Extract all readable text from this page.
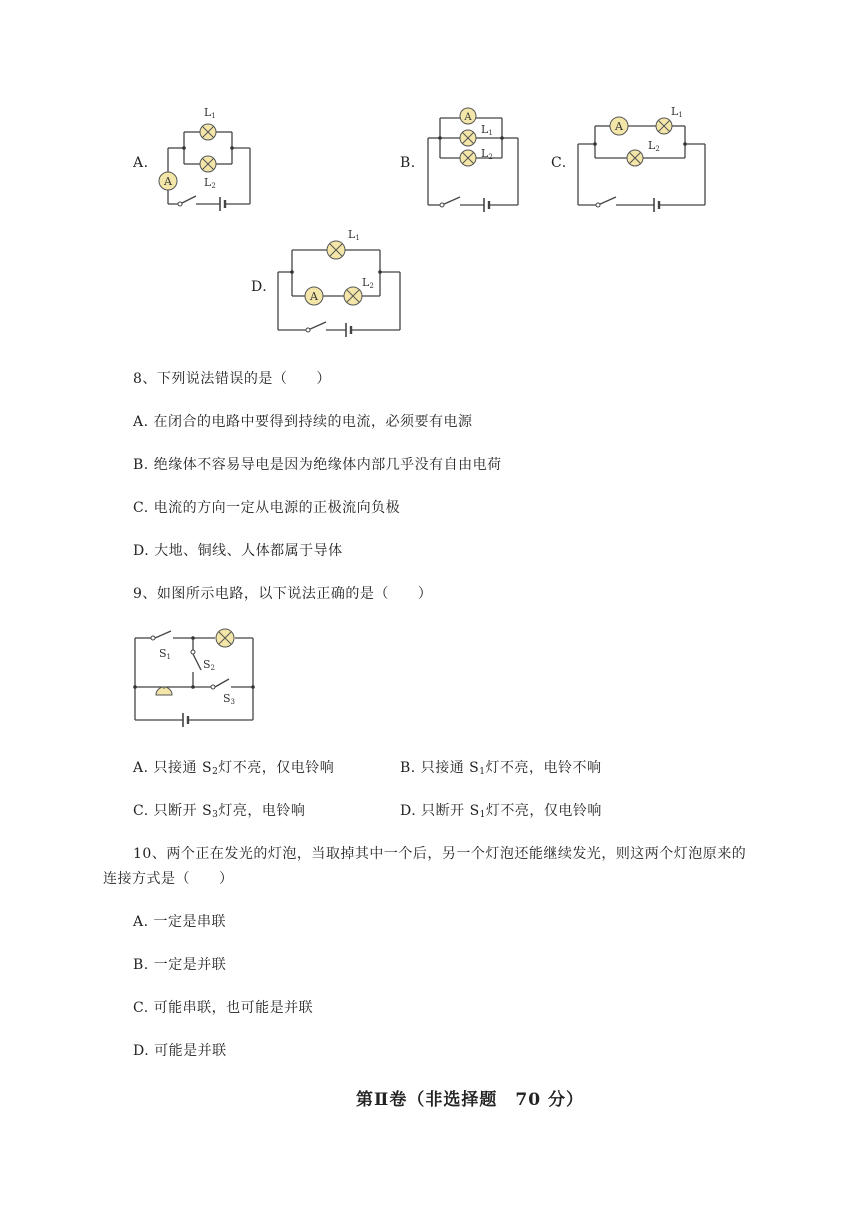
A.
A
L1
L2
B.
A
L1
L2	C.
A
L1
L2
D.
A
L1
L2
8、下列说法错误的是（　　）
A. 在闭合的电路中要得到持续的电流，必须要有电源
B. 绝缘体不容易导电是因为绝缘体内部几乎没有自由电荷
C. 电流的方向一定从电源的正极流向负极
D. 大地、铜线、人体都属于导体
9、如图所示电路，以下说法正确的是（　　）
S1
S2
S3
A. 只接通 $S_2$灯不亮，仅电铃响	B. 只接通 $S_1$灯不亮，电铃不响
C. 只断开 $S_3$灯亮，电铃响	D. 只断开 $S_1$灯不亮，仅电铃响
10、两个正在发光的灯泡，当取掉其中一个后，另一个灯泡还能继续发光，则这两个灯泡原来的
连接方式是（　　）
A. 一定是串联
B. 一定是并联
C. 可能串联，也可能是并联
D. 可能是并联
第Ⅱ卷（非选择题　70 分）
